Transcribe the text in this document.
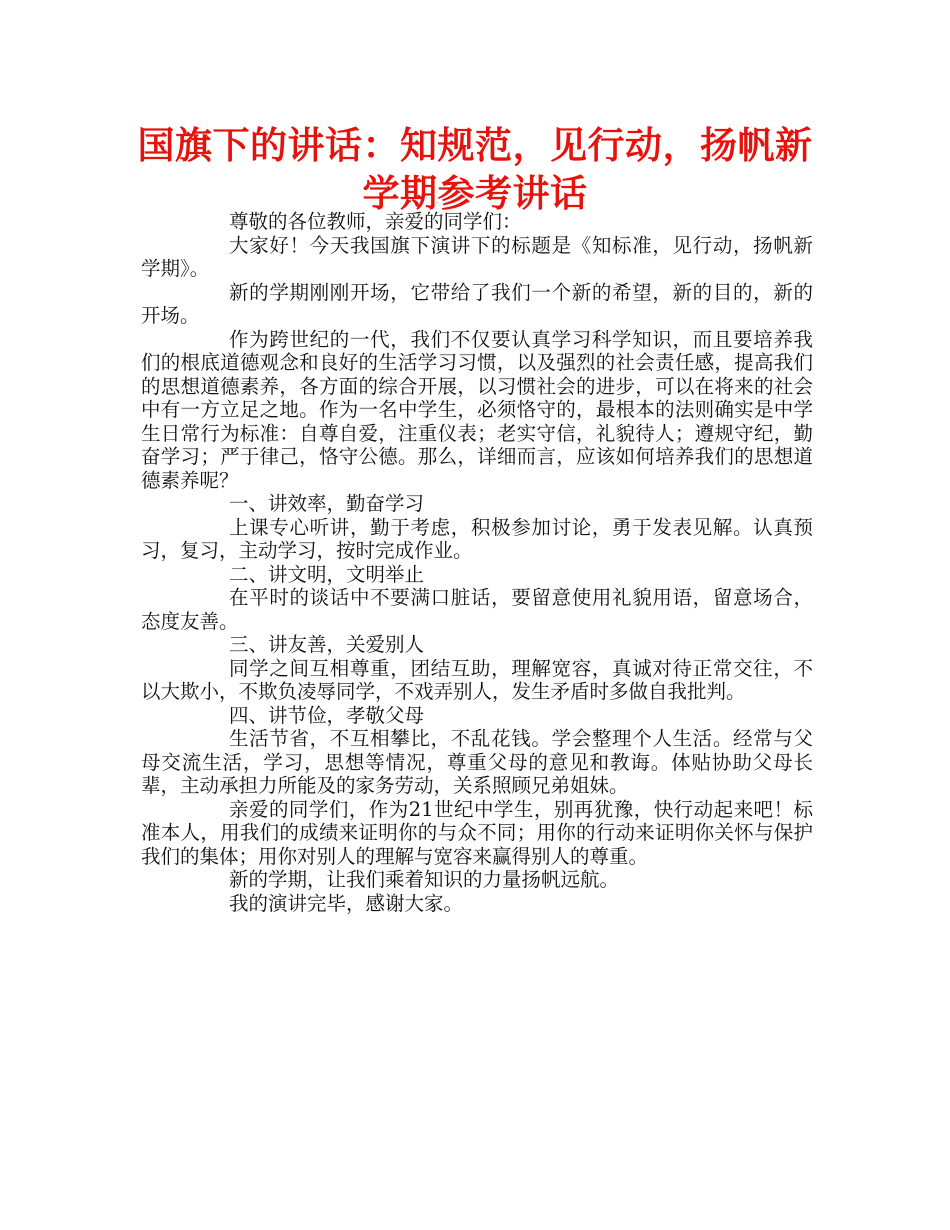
国旗下的讲话：知规范，见行动，扬帆新学期参考讲话

尊敬的各位教师，亲爱的同学们：

大家好！今天我国旗下演讲下的标题是《知标准，见行动，扬帆新学期》。

新的学期刚刚开场，它带给了我们一个新的希望，新的目的，新的开场。

作为跨世纪的一代，我们不仅要认真学习科学知识，而且要培养我们的根底道德观念和良好的生活学习习惯，以及强烈的社会责任感，提高我们的思想道德素养，各方面的综合开展，以习惯社会的进步，可以在将来的社会中有一方立足之地。作为一名中学生，必须恪守的，最根本的法则确实是中学生日常行为标准：自尊自爱，注重仪表；老实守信，礼貌待人；遵规守纪，勤奋学习；严于律己，恪守公德。那么，详细而言，应该如何培养我们的思想道德素养呢？

一、讲效率，勤奋学习

上课专心听讲，勤于考虑，积极参加讨论，勇于发表见解。认真预习，复习，主动学习，按时完成作业。

二、讲文明，文明举止

在平时的谈话中不要满口脏话，要留意使用礼貌用语，留意场合，态度友善。

三、讲友善，关爱别人

同学之间互相尊重，团结互助，理解宽容，真诚对待正常交往，不以大欺小，不欺负凌辱同学，不戏弄别人，发生矛盾时多做自我批判。

四、讲节俭，孝敬父母

生活节省，不互相攀比，不乱花钱。学会整理个人生活。经常与父母交流生活，学习，思想等情况，尊重父母的意见和教诲。体贴协助父母长辈，主动承担力所能及的家务劳动，关系照顾兄弟姐妹。

亲爱的同学们，作为21世纪中学生，别再犹豫，快行动起来吧！标准本人，用我们的成绩来证明你的与众不同；用你的行动来证明你关怀与保护我们的集体；用你对别人的理解与宽容来赢得别人的尊重。

新的学期，让我们乘着知识的力量扬帆远航。

我的演讲完毕，感谢大家。
